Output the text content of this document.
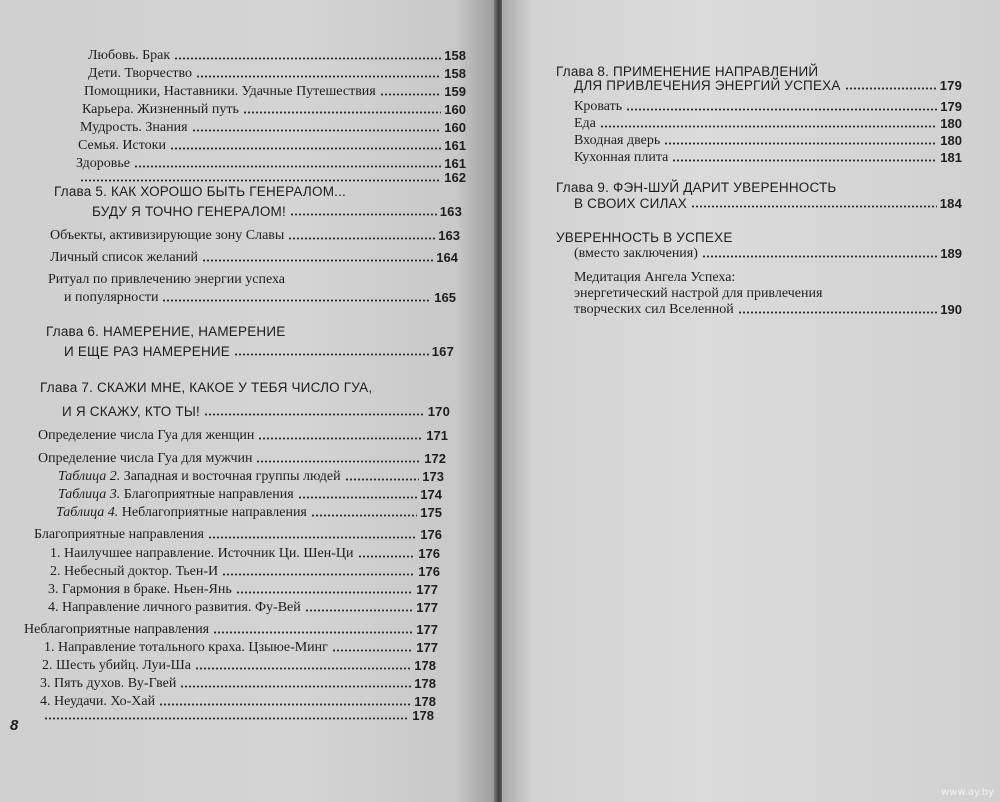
Любовь. Брак	158
Дети. Творчество	158
Помощники, Наставники. Удачные Путешествия	159
Карьера. Жизненный путь	160
Мудрость. Знания	160
Семья. Истоки	161
Здоровье	161
162
Глава 5. КАК ХОРОШО БЫТЬ ГЕНЕРАЛОМ...
БУДУ Я ТОЧНО ГЕНЕРАЛОМ!	163
Объекты, активизирующие зону Славы	163
Личный список желаний	164
Ритуал по привлечению энергии успеха
и популярности	165
Глава 6. НАМЕРЕНИЕ, НАМЕРЕНИЕ
И ЕЩЕ РАЗ НАМЕРЕНИЕ	167
Глава 7. СКАЖИ МНЕ, КАКОЕ У ТЕБЯ ЧИСЛО ГУА,
И Я СКАЖУ, КТО ТЫ!	170
Определение числа Гуа для женщин	171
Определение числа Гуа для мужчин	172
Таблица 2. Западная и восточная группы людей	173
Таблица 3. Благоприятные направления	174
Таблица 4. Неблагоприятные направления	175
Благоприятные направления	176
1. Наилучшее направление. Источник Ци. Шен-Ци	176
2. Небесный доктор. Тьен-И	176
3. Гармония в браке. Ньен-Янь	177
4. Направление личного развития. Фу-Вей	177
Неблагоприятные направления	177
1. Направление тотального краха. Цзыюе-Минг	177
2. Шесть убийц. Луи-Ша	178
3. Пять духов. Ву-Гвей	178
4. Неудачи. Хо-Хай	178
178
8
Глава 8. ПРИМЕНЕНИЕ НАПРАВЛЕНИЙ
ДЛЯ ПРИВЛЕЧЕНИЯ ЭНЕРГИЙ УСПЕХА	179
Кровать	179
Еда	180
Входная дверь	180
Кухонная плита	181
Глава 9. ФЭН-ШУЙ ДАРИТ УВЕРЕННОСТЬ
В СВОИХ СИЛАХ	184
УВЕРЕННОСТЬ В УСПЕХЕ
(вместо заключения)	189
Медитация Ангела Успеха:
энергетический настрой для привлечения
творческих сил Вселенной	190
www.ay.by
